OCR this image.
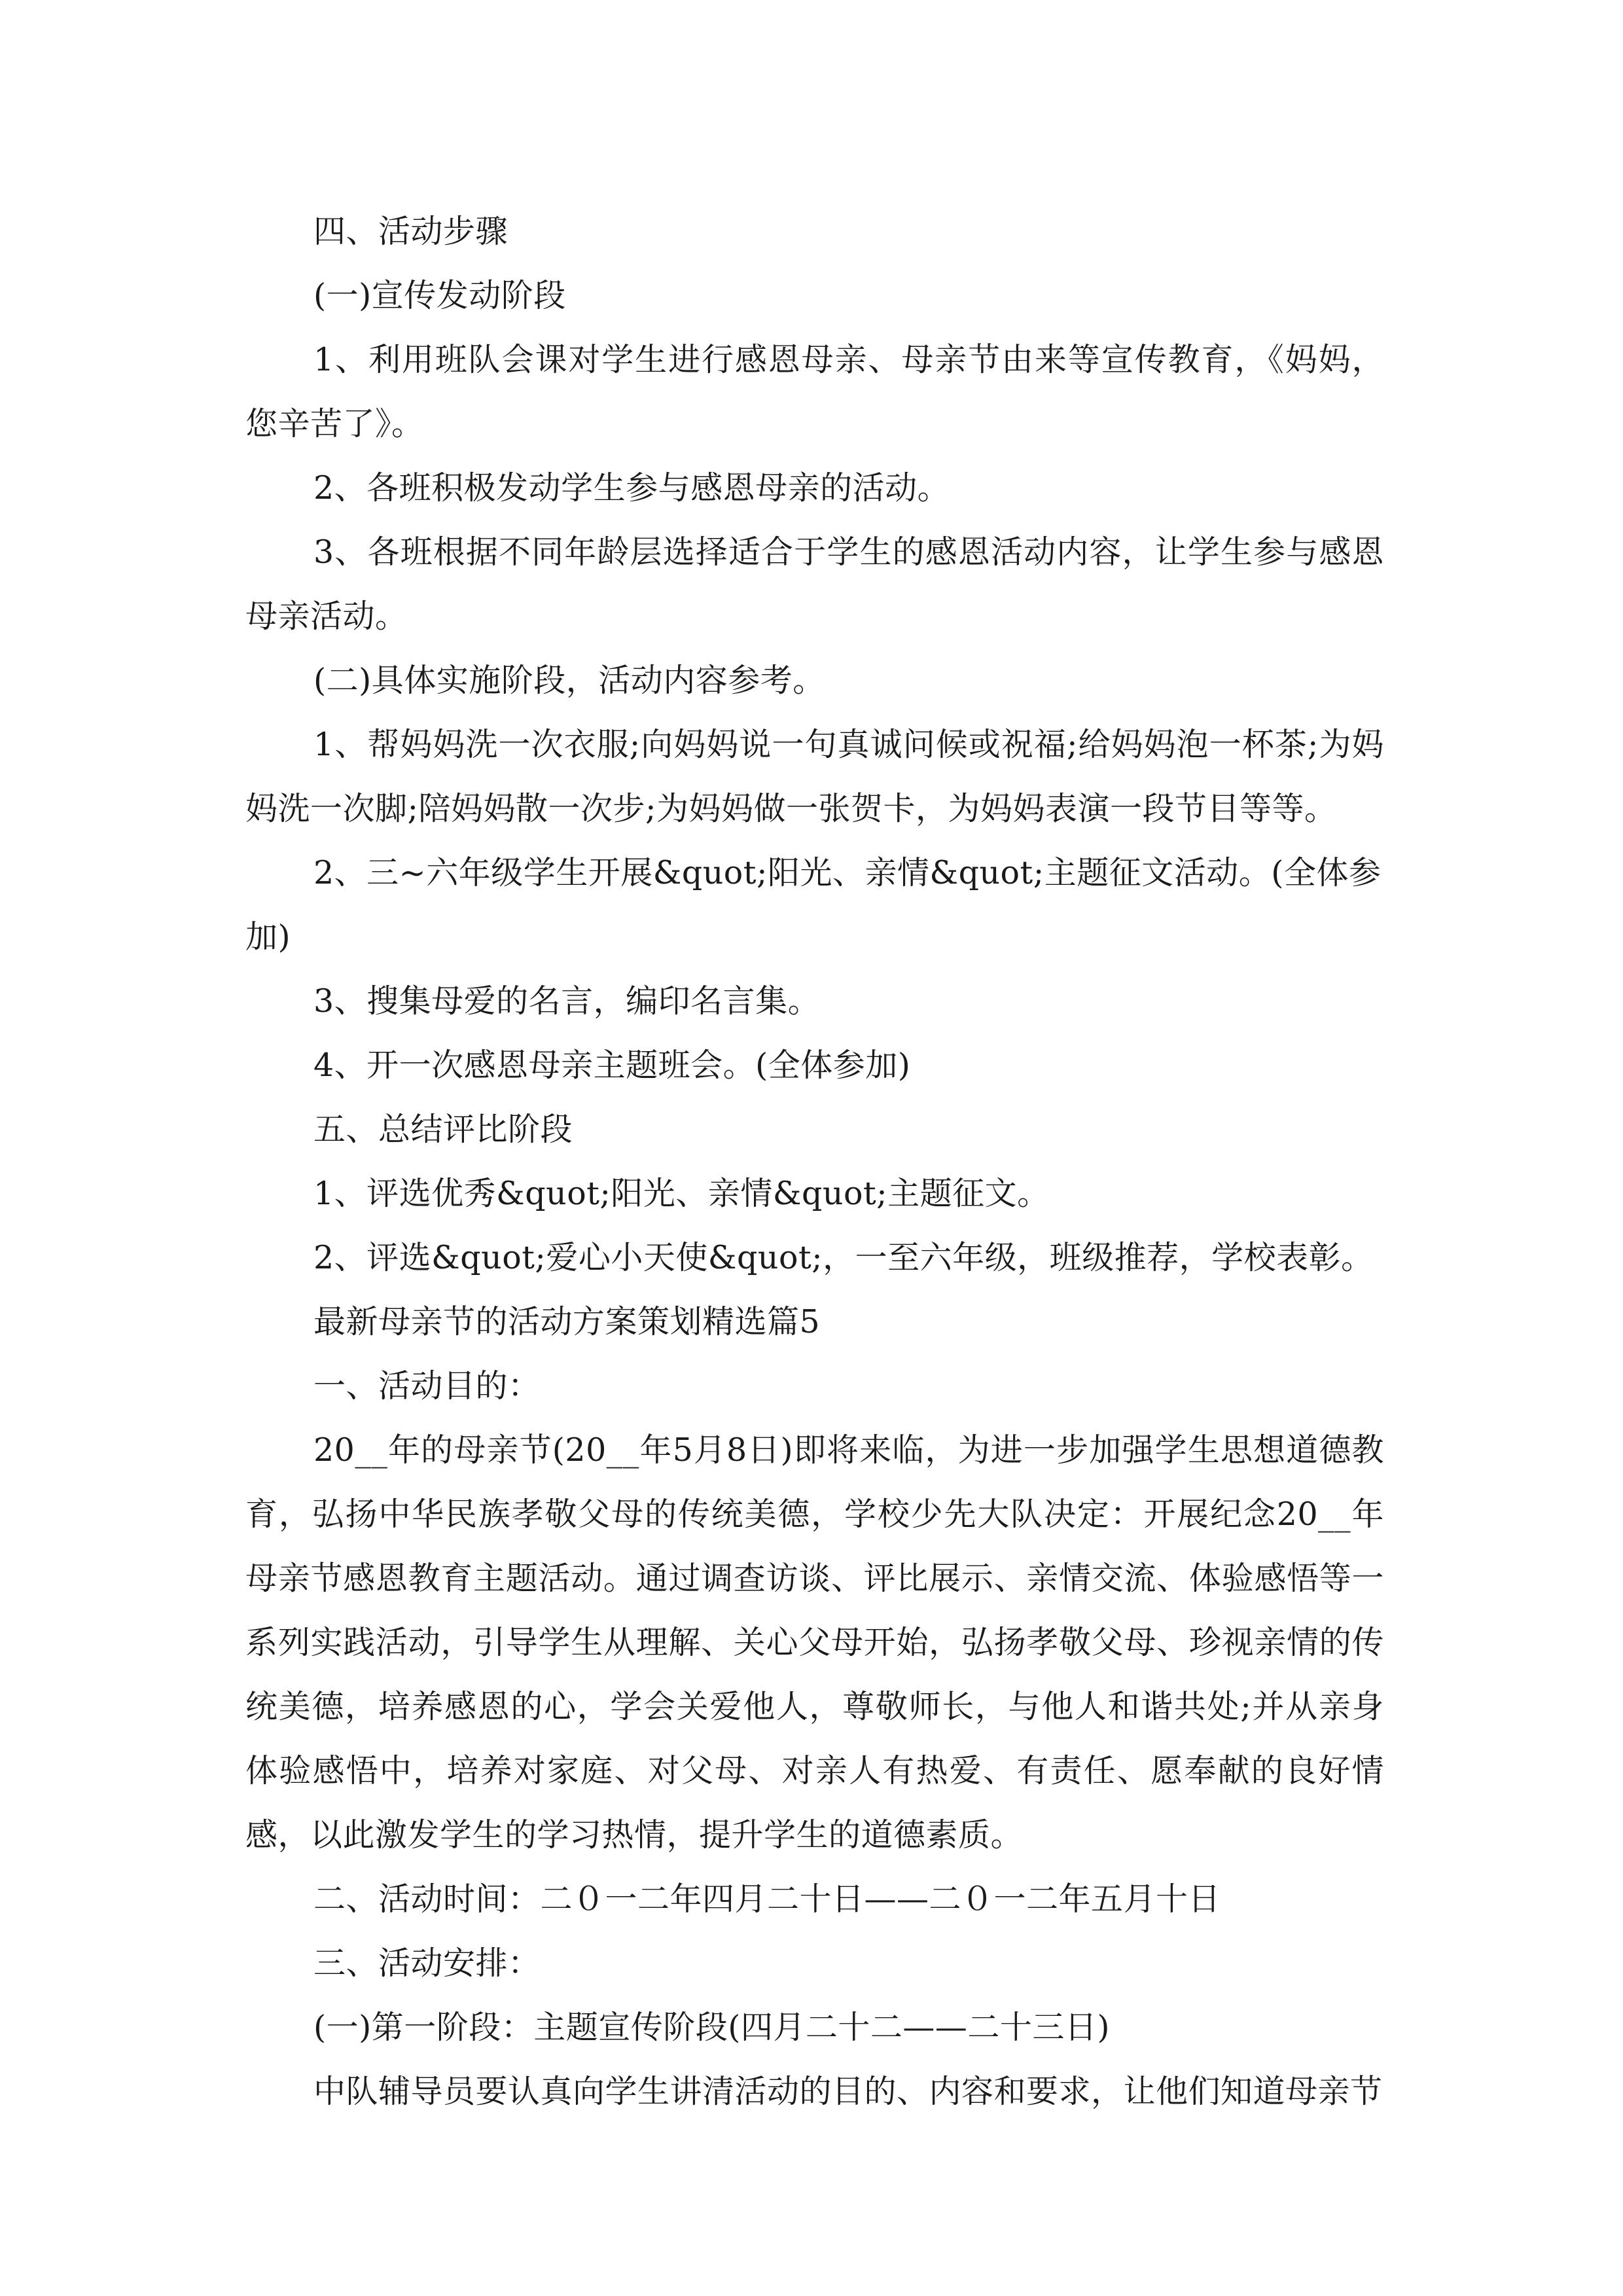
四、活动步骤

(一)宣传发动阶段

1、利用班队会课对学生进行感恩母亲、母亲节由来等宣传教育，《妈妈，您辛苦了》。

2、各班积极发动学生参与感恩母亲的活动。

3、各班根据不同年龄层选择适合于学生的感恩活动内容，让学生参与感恩母亲活动。

(二)具体实施阶段，活动内容参考。

1、帮妈妈洗一次衣服;向妈妈说一句真诚问候或祝福;给妈妈泡一杯茶;为妈妈洗一次脚;陪妈妈散一次步;为妈妈做一张贺卡，为妈妈表演一段节目等等。

2、三~六年级学生开展&quot;阳光、亲情&quot;主题征文活动。(全体参加)

3、搜集母爱的名言，编印名言集。

4、开一次感恩母亲主题班会。(全体参加)

五、总结评比阶段

1、评选优秀&quot;阳光、亲情&quot;主题征文。

2、评选&quot;爱心小天使&quot;，一至六年级，班级推荐，学校表彰。

最新母亲节的活动方案策划精选篇5

一、活动目的：

20__年的母亲节(20__年5月8日)即将来临，为进一步加强学生思想道德教育，弘扬中华民族孝敬父母的传统美德，学校少先大队决定：开展纪念20__年母亲节感恩教育主题活动。通过调查访谈、评比展示、亲情交流、体验感悟等一系列实践活动，引导学生从理解、关心父母开始，弘扬孝敬父母、珍视亲情的传统美德，培养感恩的心，学会关爱他人，尊敬师长，与他人和谐共处;并从亲身体验感悟中，培养对家庭、对父母、对亲人有热爱、有责任、愿奉献的良好情感，以此激发学生的学习热情，提升学生的道德素质。

二、活动时间：二０一二年四月二十日——二０一二年五月十日

三、活动安排：

(一)第一阶段：主题宣传阶段(四月二十二——二十三日)

中队辅导员要认真向学生讲清活动的目的、内容和要求，让他们知道母亲节
